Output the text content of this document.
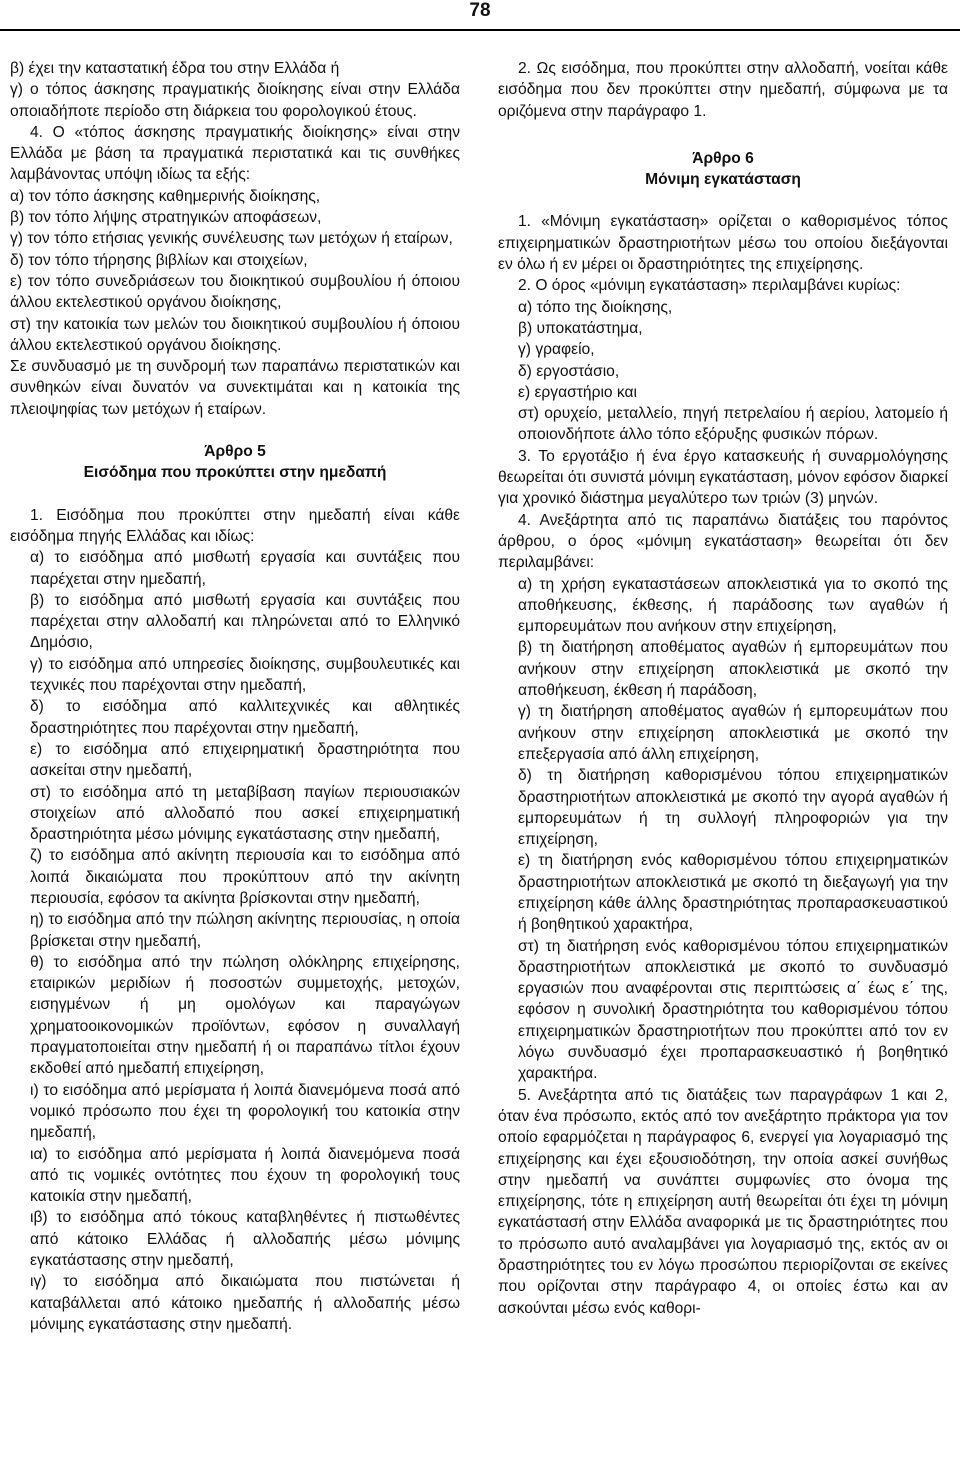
78

β) έχει την καταστατική έδρα του στην Ελλάδα ή

γ) ο τόπος άσκησης πραγματικής διοίκησης είναι στην Ελλάδα οποιαδήποτε περίοδο στη διάρκεια του φορολογικού έτους.

4. Ο «τόπος άσκησης πραγματικής διοίκησης» είναι στην Ελλάδα με βάση τα πραγματικά περιστατικά και τις συνθήκες λαμβάνοντας υπόψη ιδίως τα εξής:

α) τον τόπο άσκησης καθημερινής διοίκησης,

β) τον τόπο λήψης στρατηγικών αποφάσεων,

γ) τον τόπο ετήσιας γενικής συνέλευσης των μετόχων ή εταίρων,

δ) τον τόπο τήρησης βιβλίων και στοιχείων,

ε) τον τόπο συνεδριάσεων του διοικητικού συμβουλίου ή όποιου άλλου εκτελεστικού οργάνου διοίκησης,

στ) την κατοικία των μελών του διοικητικού συμβουλίου ή όποιου άλλου εκτελεστικού οργάνου διοίκησης.

Σε συνδυασμό με τη συνδρομή των παραπάνω περιστατικών και συνθηκών είναι δυνατόν να συνεκτιμάται και η κατοικία της πλειοψηφίας των μετόχων ή εταίρων.

Άρθρο 5
Εισόδημα που προκύπτει στην ημεδαπή

1. Εισόδημα που προκύπτει στην ημεδαπή είναι κάθε εισόδημα πηγής Ελλάδας και ιδίως:

α) το εισόδημα από μισθωτή εργασία και συντάξεις που παρέχεται στην ημεδαπή,

β) το εισόδημα από μισθωτή εργασία και συντάξεις που παρέχεται στην αλλοδαπή και πληρώνεται από το Ελληνικό Δημόσιο,

γ) το εισόδημα από υπηρεσίες διοίκησης, συμβουλευτικές και τεχνικές που παρέχονται στην ημεδαπή,

δ) το εισόδημα από καλλιτεχνικές και αθλητικές δραστηριότητες που παρέχονται στην ημεδαπή,

ε) το εισόδημα από επιχειρηματική δραστηριότητα που ασκείται στην ημεδαπή,

στ) το εισόδημα από τη μεταβίβαση παγίων περιουσιακών στοιχείων από αλλοδαπό που ασκεί επιχειρηματική δραστηριότητα μέσω μόνιμης εγκατάστασης στην ημεδαπή,

ζ) το εισόδημα από ακίνητη περιουσία και το εισόδημα από λοιπά δικαιώματα που προκύπτουν από την ακίνητη περιουσία, εφόσον τα ακίνητα βρίσκονται στην ημεδαπή,

η) το εισόδημα από την πώληση ακίνητης περιουσίας, η οποία βρίσκεται στην ημεδαπή,

θ) το εισόδημα από την πώληση ολόκληρης επιχείρησης, εταιρικών μεριδίων ή ποσοστών συμμετοχής, μετοχών, εισηγμένων ή μη ομολόγων και παραγώγων χρηματοοικονομικών προϊόντων, εφόσον η συναλλαγή πραγματοποιείται στην ημεδαπή ή οι παραπάνω τίτλοι έχουν εκδοθεί από ημεδαπή επιχείρηση,

ι) το εισόδημα από μερίσματα ή λοιπά διανεμόμενα ποσά από νομικό πρόσωπο που έχει τη φορολογική του κατοικία στην ημεδαπή,

ια) το εισόδημα από μερίσματα ή λοιπά διανεμόμενα ποσά από τις νομικές οντότητες που έχουν τη φορολογική τους κατοικία στην ημεδαπή,

ιβ) το εισόδημα από τόκους καταβληθέντες ή πιστωθέντες από κάτοικο Ελλάδας ή αλλοδαπής μέσω μόνιμης εγκατάστασης στην ημεδαπή,

ιγ) το εισόδημα από δικαιώματα που πιστώνεται ή καταβάλλεται από κάτοικο ημεδαπής ή αλλοδαπής μέσω μόνιμης εγκατάστασης στην ημεδαπή.

2. Ως εισόδημα, που προκύπτει στην αλλοδαπή, νοείται κάθε εισόδημα που δεν προκύπτει στην ημεδαπή, σύμφωνα με τα οριζόμενα στην παράγραφο 1.

Άρθρο 6
Μόνιμη εγκατάσταση

1. «Μόνιμη εγκατάσταση» ορίζεται ο καθορισμένος τόπος επιχειρηματικών δραστηριοτήτων μέσω του οποίου διεξάγονται εν όλω ή εν μέρει οι δραστηριότητες της επιχείρησης.

2. Ο όρος «μόνιμη εγκατάσταση» περιλαμβάνει κυρίως:

α) τόπο της διοίκησης,

β) υποκατάστημα,

γ) γραφείο,

δ) εργοστάσιο,

ε) εργαστήριο και

στ) ορυχείο, μεταλλείο, πηγή πετρελαίου ή αερίου, λατομείο ή οποιονδήποτε άλλο τόπο εξόρυξης φυσικών πόρων.

3. Το εργοτάξιο ή ένα έργο κατασκευής ή συναρμολόγησης θεωρείται ότι συνιστά μόνιμη εγκατάσταση, μόνον εφόσον διαρκεί για χρονικό διάστημα μεγαλύτερο των τριών (3) μηνών.

4. Ανεξάρτητα από τις παραπάνω διατάξεις του παρόντος άρθρου, ο όρος «μόνιμη εγκατάσταση» θεωρείται ότι δεν περιλαμβάνει:

α) τη χρήση εγκαταστάσεων αποκλειστικά για το σκοπό της αποθήκευσης, έκθεσης, ή παράδοσης των αγαθών ή εμπορευμάτων που ανήκουν στην επιχείρηση,

β) τη διατήρηση αποθέματος αγαθών ή εμπορευμάτων που ανήκουν στην επιχείρηση αποκλειστικά με σκοπό την αποθήκευση, έκθεση ή παράδοση,

γ) τη διατήρηση αποθέματος αγαθών ή εμπορευμάτων που ανήκουν στην επιχείρηση αποκλειστικά με σκοπό την επεξεργασία από άλλη επιχείρηση,

δ) τη διατήρηση καθορισμένου τόπου επιχειρηματικών δραστηριοτήτων αποκλειστικά με σκοπό την αγορά αγαθών ή εμπορευμάτων ή τη συλλογή πληροφοριών για την επιχείρηση,

ε) τη διατήρηση ενός καθορισμένου τόπου επιχειρηματικών δραστηριοτήτων αποκλειστικά με σκοπό τη διεξαγωγή για την επιχείρηση κάθε άλλης δραστηριότητας προπαρασκευαστικού ή βοηθητικού χαρακτήρα,

στ) τη διατήρηση ενός καθορισμένου τόπου επιχειρηματικών δραστηριοτήτων αποκλειστικά με σκοπό το συνδυασμό εργασιών που αναφέρονται στις περιπτώσεις α΄ έως ε΄ της, εφόσον η συνολική δραστηριότητα του καθορισμένου τόπου επιχειρηματικών δραστηριοτήτων που προκύπτει από τον εν λόγω συνδυασμό έχει προπαρασκευαστικό ή βοηθητικό χαρακτήρα.

5. Ανεξάρτητα από τις διατάξεις των παραγράφων 1 και 2, όταν ένα πρόσωπο, εκτός από τον ανεξάρτητο πράκτορα για τον οποίο εφαρμόζεται η παράγραφος 6, ενεργεί για λογαριασμό της επιχείρησης και έχει εξουσιοδότηση, την οποία ασκεί συνήθως στην ημεδαπή να συνάπτει συμφωνίες στο όνομα της επιχείρησης, τότε η επιχείρηση αυτή θεωρείται ότι έχει τη μόνιμη εγκατάστασή στην Ελλάδα αναφορικά με τις δραστηριότητες που το πρόσωπο αυτό αναλαμβάνει για λογαριασμό της, εκτός αν οι δραστηριότητες του εν λόγω προσώπου περιορίζονται σε εκείνες που ορίζονται στην παράγραφο 4, οι οποίες έστω και αν ασκούνται μέσω ενός καθορι-
